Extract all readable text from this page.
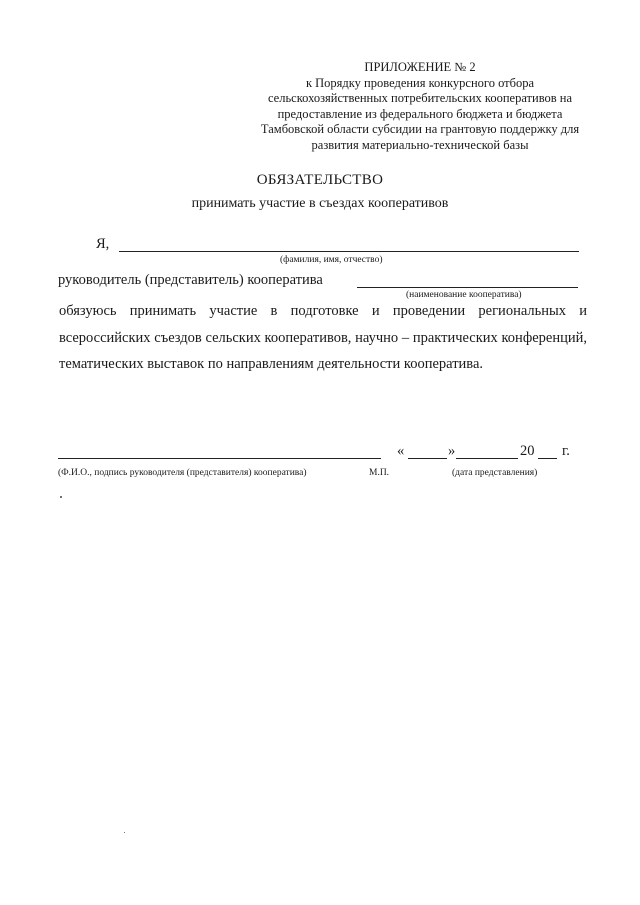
ПРИЛОЖЕНИЕ № 2
к Порядку проведения конкурсного отбора
сельскохозяйственных потребительских кооперативов на
предоставление из федерального бюджета и бюджета
Тамбовской области субсидии на грантовую поддержку для
развития материально-технической базы
ОБЯЗАТЕЛЬСТВО
принимать участие в съездах кооперативов
Я,
(фамилия, имя, отчество)
руководитель (представитель) кооператива
(наименование кооператива)
обязуюсь принимать участие в подготовке и проведении региональных и всероссийских съездов сельских кооперативов, научно – практических конференций, тематических выставок по направлениям деятельности кооператива.
«	»	20 г.
(Ф.И.О., подпись руководителя (представителя) кооператива)	М.П.	(дата представления)
